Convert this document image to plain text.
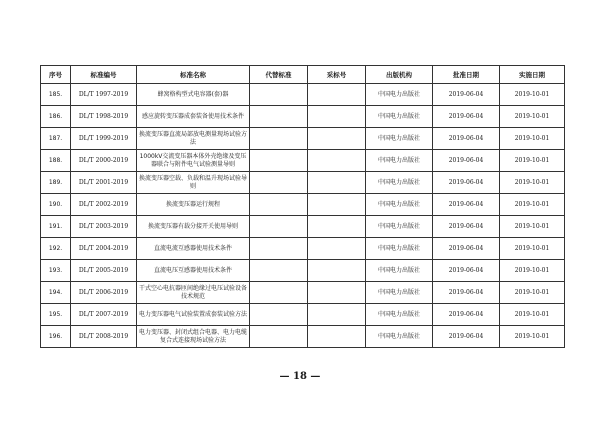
序号	标准编号	标准名称	代替标准	采标号	出版机构	批准日期	实施日期
185.	DL/T 1997-2019	蜂窝格构型式电容器(套)器			中国电力出版社	2019-06-04	2019-10-01
186.	DL/T 1998-2019	感应旋转变压器成套装备使用技术条件			中国电力出版社	2019-06-04	2019-10-01
187.	DL/T 1999-2019	换流变压器直流局部放电测量现场试验方法			中国电力出版社	2019-06-04	2019-10-01
188.	DL/T 2000-2019	1000kV交流变压器本体外壳绝缘及变压器联合与附件电气试验测量导则			中国电力出版社	2019-06-04	2019-10-01
189.	DL/T 2001-2019	换流变压器空载、负载和温升现场试验导则			中国电力出版社	2019-06-04	2019-10-01
190.	DL/T 2002-2019	换流变压器运行规程			中国电力出版社	2019-06-04	2019-10-01
191.	DL/T 2003-2019	换流变压器有载分接开关使用导则			中国电力出版社	2019-06-04	2019-10-01
192.	DL/T 2004-2019	直流电流互感器使用技术条件			中国电力出版社	2019-06-04	2019-10-01
193.	DL/T 2005-2019	直流电压互感器使用技术条件			中国电力出版社	2019-06-04	2019-10-01
194.	DL/T 2006-2019	干式空心电抗器匝间绝缘过电压试验设备技术规范			中国电力出版社	2019-06-04	2019-10-01
195.	DL/T 2007-2019	电力变压器电气试验装置成套装试验方法			中国电力出版社	2019-06-04	2019-10-01
196.	DL/T 2008-2019	电力变压器、封闭式组合电器、电力电缆复合式连接现场试验方法			中国电力出版社	2019-06-04	2019-10-01
— 18 —
